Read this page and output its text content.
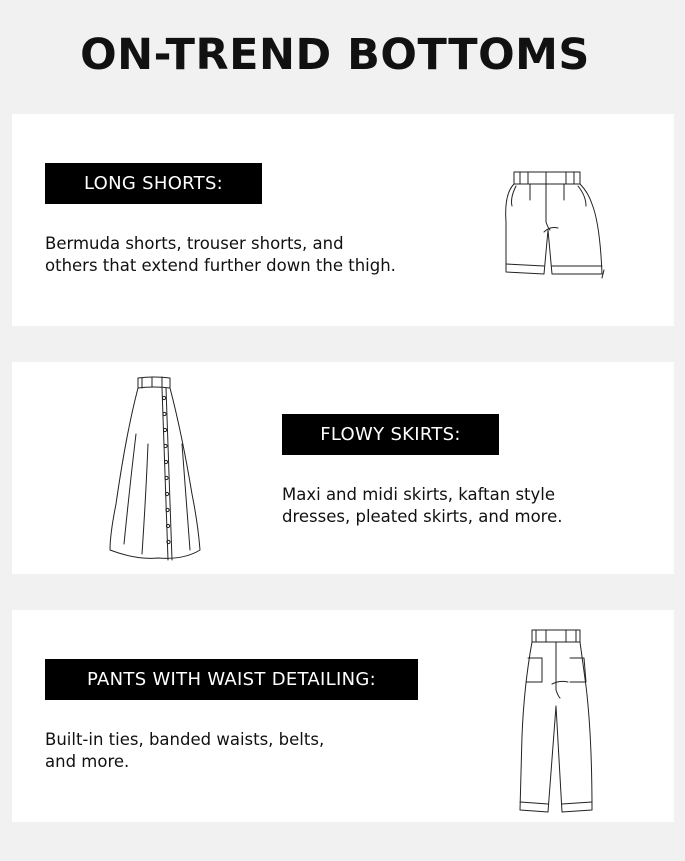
ON-TREND BOTTOMS
LONG SHORTS:

Bermuda shorts, trouser shorts, and
others that extend further down the thigh.

FLOWY SKIRTS:

Maxi and midi skirts, kaftan style
dresses, pleated skirts, and more.

PANTS WITH WAIST DETAILING:

Built-in ties, banded waists, belts,
and more.
